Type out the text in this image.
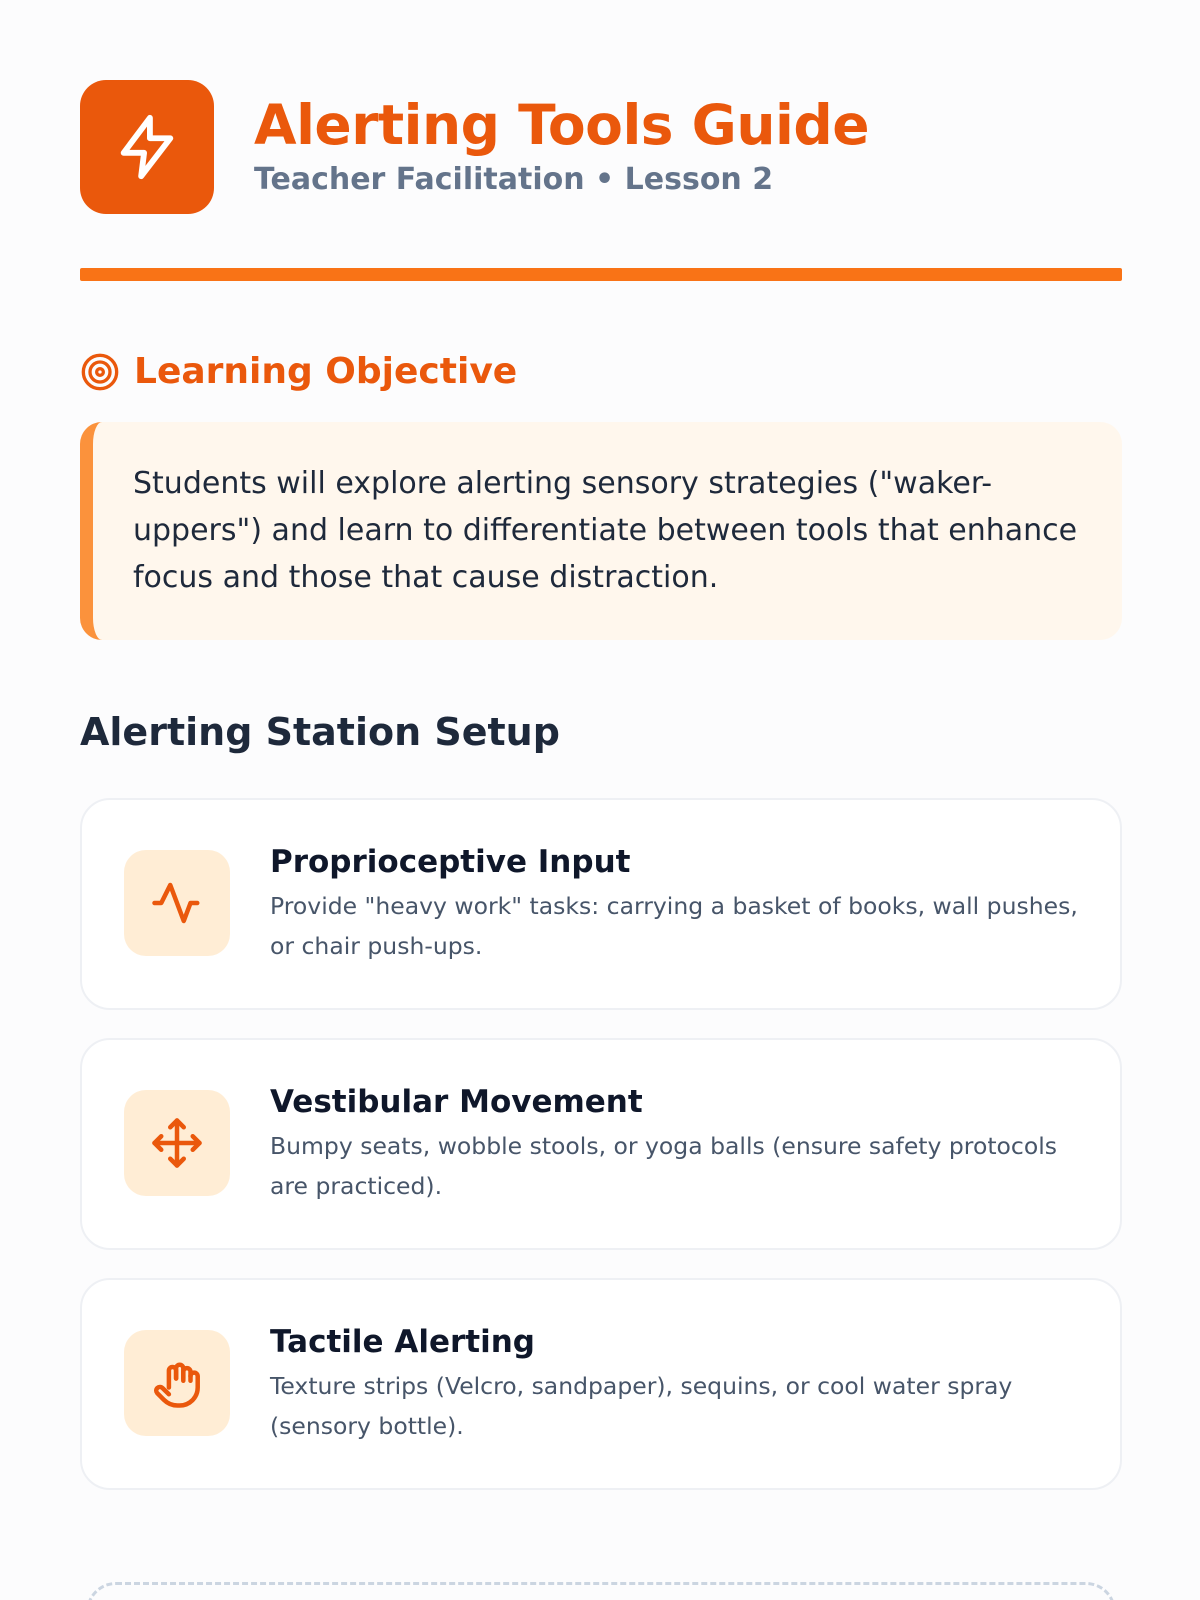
Alerting Tools Guide
Teacher Facilitation • Lesson 2
Learning Objective

Students will explore alerting sensory strategies ("waker-uppers") and learn to differentiate between tools that enhance focus and those that cause distraction.

Alerting Station Setup
Proprioceptive Input
Provide "heavy work" tasks: carrying a basket of books, wall pushes, or chair push-ups.
Vestibular Movement
Bumpy seats, wobble stools, or yoga balls (ensure safety protocols are practiced).
Tactile Alerting
Texture strips (Velcro, sandpaper), sequins, or cool water spray (sensory bottle).
